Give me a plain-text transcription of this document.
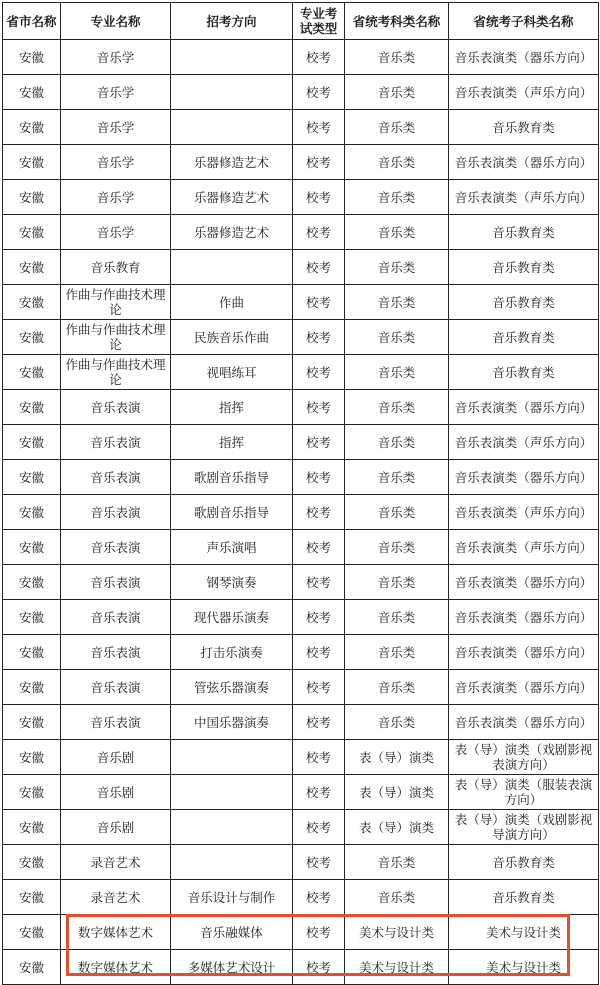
省市名称	专业名称	招考方向	专业考试类型	省统考科类名称	省统考子科类名称
安徽	音乐学		校考	音乐类	音乐表演类（器乐方向）
安徽	音乐学		校考	音乐类	音乐表演类（声乐方向）
安徽	音乐学		校考	音乐类	音乐教育类
安徽	音乐学	乐器修造艺术	校考	音乐类	音乐表演类（器乐方向）
安徽	音乐学	乐器修造艺术	校考	音乐类	音乐表演类（声乐方向）
安徽	音乐学	乐器修造艺术	校考	音乐类	音乐教育类
安徽	音乐教育		校考	音乐类	音乐教育类
安徽	作曲与作曲技术理论	作曲	校考	音乐类	音乐教育类
安徽	作曲与作曲技术理论	民族音乐作曲	校考	音乐类	音乐教育类
安徽	作曲与作曲技术理论	视唱练耳	校考	音乐类	音乐教育类
安徽	音乐表演	指挥	校考	音乐类	音乐表演类（器乐方向）
安徽	音乐表演	指挥	校考	音乐类	音乐表演类（声乐方向）
安徽	音乐表演	歌剧音乐指导	校考	音乐类	音乐表演类（器乐方向）
安徽	音乐表演	歌剧音乐指导	校考	音乐类	音乐表演类（声乐方向）
安徽	音乐表演	声乐演唱	校考	音乐类	音乐表演类（声乐方向）
安徽	音乐表演	钢琴演奏	校考	音乐类	音乐表演类（器乐方向）
安徽	音乐表演	现代器乐演奏	校考	音乐类	音乐表演类（器乐方向）
安徽	音乐表演	打击乐演奏	校考	音乐类	音乐表演类（器乐方向）
安徽	音乐表演	管弦乐器演奏	校考	音乐类	音乐表演类（器乐方向）
安徽	音乐表演	中国乐器演奏	校考	音乐类	音乐表演类（器乐方向）
安徽	音乐剧		校考	表（导）演类	表（导）演类（戏剧影视表演方向）
安徽	音乐剧		校考	表（导）演类	表（导）演类（服装表演方向）
安徽	音乐剧		校考	表（导）演类	表（导）演类（戏剧影视导演方向）
安徽	录音艺术		校考	音乐类	音乐教育类
安徽	录音艺术	音乐设计与制作	校考	音乐类	音乐教育类
安徽	数字媒体艺术	音乐融媒体	校考	美术与设计类	美术与设计类
安徽	数字媒体艺术	多媒体艺术设计	校考	美术与设计类	美术与设计类
